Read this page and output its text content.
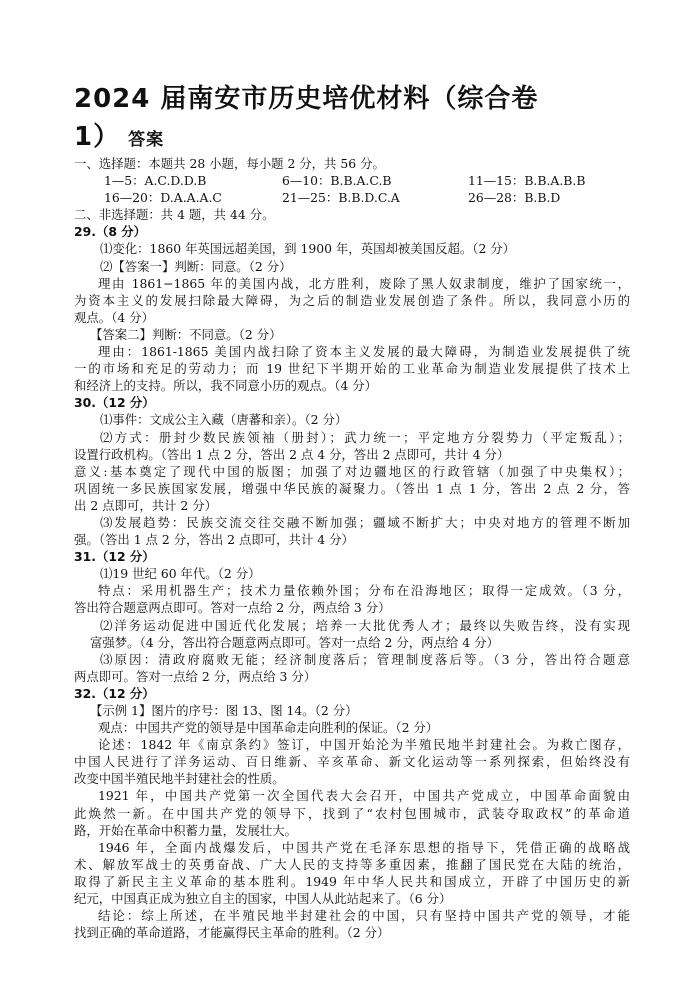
2024 届南安市历史培优材料（综合卷
1） 答案
一、选择题：本题共 28 小题，每小题 2 分，共 56 分。
1—5：A.C.D.D.B	6—10：B.B.A.C.B	11—15：B.B.A.B.B
16—20：D.A.A.A.C	21—25：B.B.D.C.A	26—28：B.B.D
二、非选择题：共 4 题，共 44 分。
29.（8 分）
⑴变化：1860 年英国远超美国，到 1900 年，英国却被美国反超。（2 分）
⑵【答案一】判断：同意。（2 分）
理由 1861−1865 年的美国内战，北方胜利，废除了黑人奴隶制度，维护了国家统一，
为资本主义的发展扫除最大障碍，为之后的制造业发展创造了条件。所以，我同意小历的
观点。（4 分）
【答案二】判断：不同意。（2 分）
理由：1861-1865 美国内战扫除了资本主义发展的最大障碍，为制造业发展提供了统
一的市场和充足的劳动力；而 19 世纪下半期开始的工业革命为制造业发展提供了技术上
和经济上的支持。所以，我不同意小历的观点。（4 分）
30.（12 分）
⑴事件：文成公主入藏（唐蕃和亲）。（2 分）
⑵方式：册封少数民族领袖（册封）；武力统一；平定地方分裂势力（平定叛乱）；
设置行政机构。（答出 1 点 2 分，答出 2 点 4 分，答出 2 点即可，共计 4 分）
意义:基本奠定了现代中国的版图；加强了对边疆地区的行政管辖（加强了中央集权）；
巩固统一多民族国家发展，增强中华民族的凝聚力。（答出 1 点 1 分，答出 2 点 2 分，答
出 2 点即可，共计 2 分）
⑶发展趋势：民族交流交往交融不断加强；疆域不断扩大；中央对地方的管理不断加
强。（答出 1 点 2 分，答出 2 点即可，共计 4 分）
31.（12 分）
⑴19 世纪 60 年代。（2 分）
特点：采用机器生产；技术力量依赖外国；分布在沿海地区；取得一定成效。（3 分，
答出符合题意两点即可。答对一点给 2 分，两点给 3 分）
⑵洋务运动促进中国近代化发展；培养一大批优秀人才；最终以失败告终，没有实现
富强梦。（4 分，答出符合题意两点即可。答对一点给 2 分，两点给 4 分）
⑶原因：清政府腐败无能；经济制度落后；管理制度落后等。（3 分，答出符合题意
两点即可。答对一点给 2 分，两点给 3 分）
32.（12 分）
【示例 1】图片的序号：图 13、图 14。（2 分）
观点：中国共产党的领导是中国革命走向胜利的保证。（2 分）
论述：1842 年《南京条约》签订，中国开始沦为半殖民地半封建社会。为救亡图存，
中国人民进行了洋务运动、百日维新、辛亥革命、新文化运动等一系列探索，但始终没有
改变中国半殖民地半封建社会的性质。
1921 年，中国共产党第一次全国代表大会召开，中国共产党成立，中国革命面貌由
此焕然一新。在中国共产党的领导下，找到了“农村包围城市，武装夺取政权”的革命道
路，开始在革命中积蓄力量，发展壮大。
1946 年，全面内战爆发后，中国共产党在毛泽东思想的指导下，凭借正确的战略战
术、解放军战士的英勇奋战、广大人民的支持等多重因素，推翻了国民党在大陆的统治，
取得了新民主主义革命的基本胜利。1949 年中华人民共和国成立，开辟了中国历史的新
纪元，中国真正成为独立自主的国家，中国人从此站起来了。（6 分）
结论：综上所述，在半殖民地半封建社会的中国，只有坚持中国共产党的领导，才能
找到正确的革命道路，才能赢得民主革命的胜利。（2 分）
